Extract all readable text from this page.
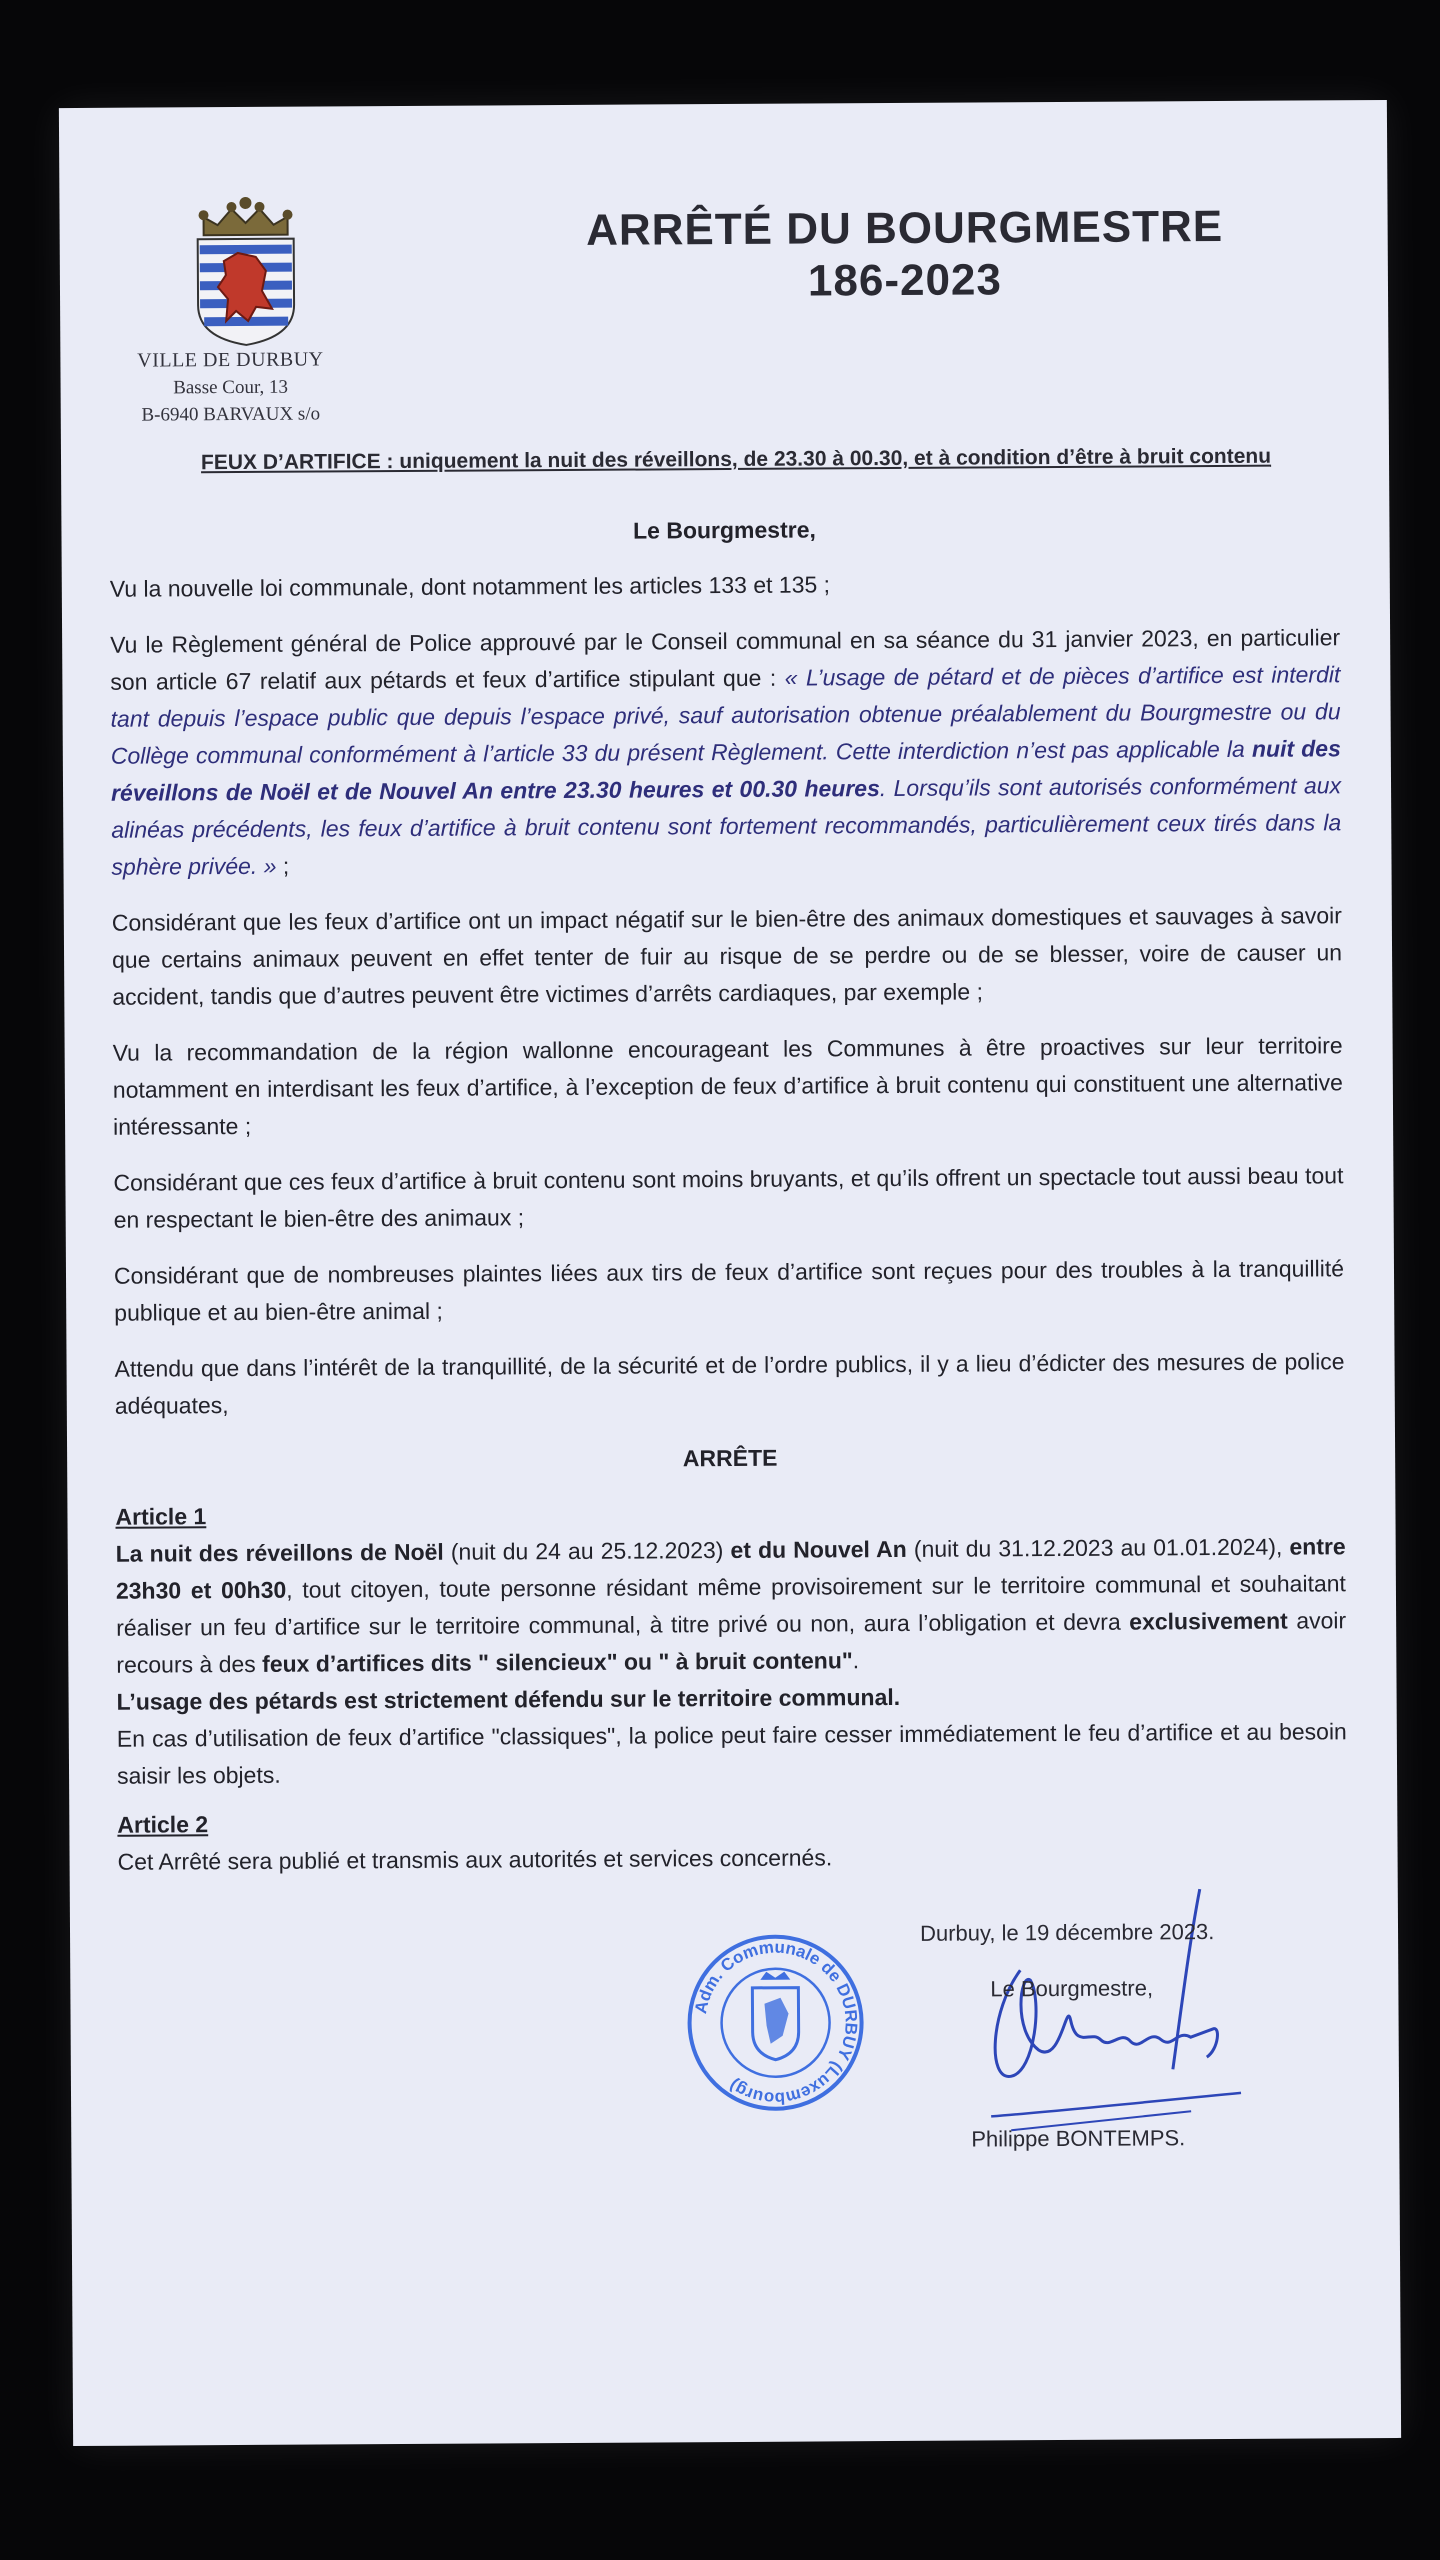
VILLE DE DURBUY
Basse Cour, 13
B-6940 BARVAUX s/o
ARRÊTÉ DU BOURGMESTRE
186-2023
FEUX D’ARTIFICE : uniquement la nuit des réveillons, de 23.30 à 00.30, et à condition d’être à bruit contenu

Le Bourgmestre,

Vu la nouvelle loi communale, dont notamment les articles 133 et 135 ;

Vu le Règlement général de Police approuvé par le Conseil communal en sa séance du 31 janvier 2023, en particulier son article 67 relatif aux pétards et feux d’artifice stipulant que : « L’usage de pétard et de pièces d’artifice est interdit tant depuis l’espace public que depuis l’espace privé, sauf autorisation obtenue préalablement du Bourgmestre ou du Collège communal conformément à l’article 33 du présent Règlement. Cette interdiction n’est pas applicable la nuit des réveillons de Noël et de Nouvel An entre 23.30 heures et 00.30 heures. Lorsqu’ils sont autorisés conformément aux alinéas précédents, les feux d’artifice à bruit contenu sont fortement recommandés, particulièrement ceux tirés dans la sphère privée. » ;

Considérant que les feux d’artifice ont un impact négatif sur le bien-être des animaux domestiques et sauvages à savoir que certains animaux peuvent en effet tenter de fuir au risque de se perdre ou de se blesser, voire de causer un accident, tandis que d’autres peuvent être victimes d’arrêts cardiaques, par exemple ;

Vu la recommandation de la région wallonne encourageant les Communes à être proactives sur leur territoire notamment en interdisant les feux d’artifice, à l’exception de feux d’artifice à bruit contenu qui constituent une alternative intéressante ;

Considérant que ces feux d’artifice à bruit contenu sont moins bruyants, et qu’ils offrent un spectacle tout aussi beau tout en respectant le bien-être des animaux ;

Considérant que de nombreuses plaintes liées aux tirs de feux d’artifice sont reçues pour des troubles à la tranquillité publique et au bien-être animal ;

Attendu que dans l’intérêt de la tranquillité, de la sécurité et de l’ordre publics, il y a lieu d’édicter des mesures de police adéquates,

ARRÊTE

Article 1

La nuit des réveillons de Noël (nuit du 24 au 25.12.2023) et du Nouvel An (nuit du 31.12.2023 au 01.01.2024), entre 23h30 et 00h30, tout citoyen, toute personne résidant même provisoirement sur le territoire communal et souhaitant réaliser un feu d’artifice sur le territoire communal, à titre privé ou non, aura l’obligation et devra exclusivement avoir recours à des feux d’artifices dits " silencieux" ou " à bruit contenu".

L’usage des pétards est strictement défendu sur le territoire communal.

En cas d’utilisation de feux d’artifice "classiques", la police peut faire cesser immédiatement le feu d’artifice et au besoin saisir les objets.

Article 2

Cet Arrêté sera publié et transmis aux autorités et services concernés.

Adm. Communale de DURBUY (Luxembourg)
Durbuy, le 19 décembre 2023.
Le Bourgmestre,
Philippe BONTEMPS.
